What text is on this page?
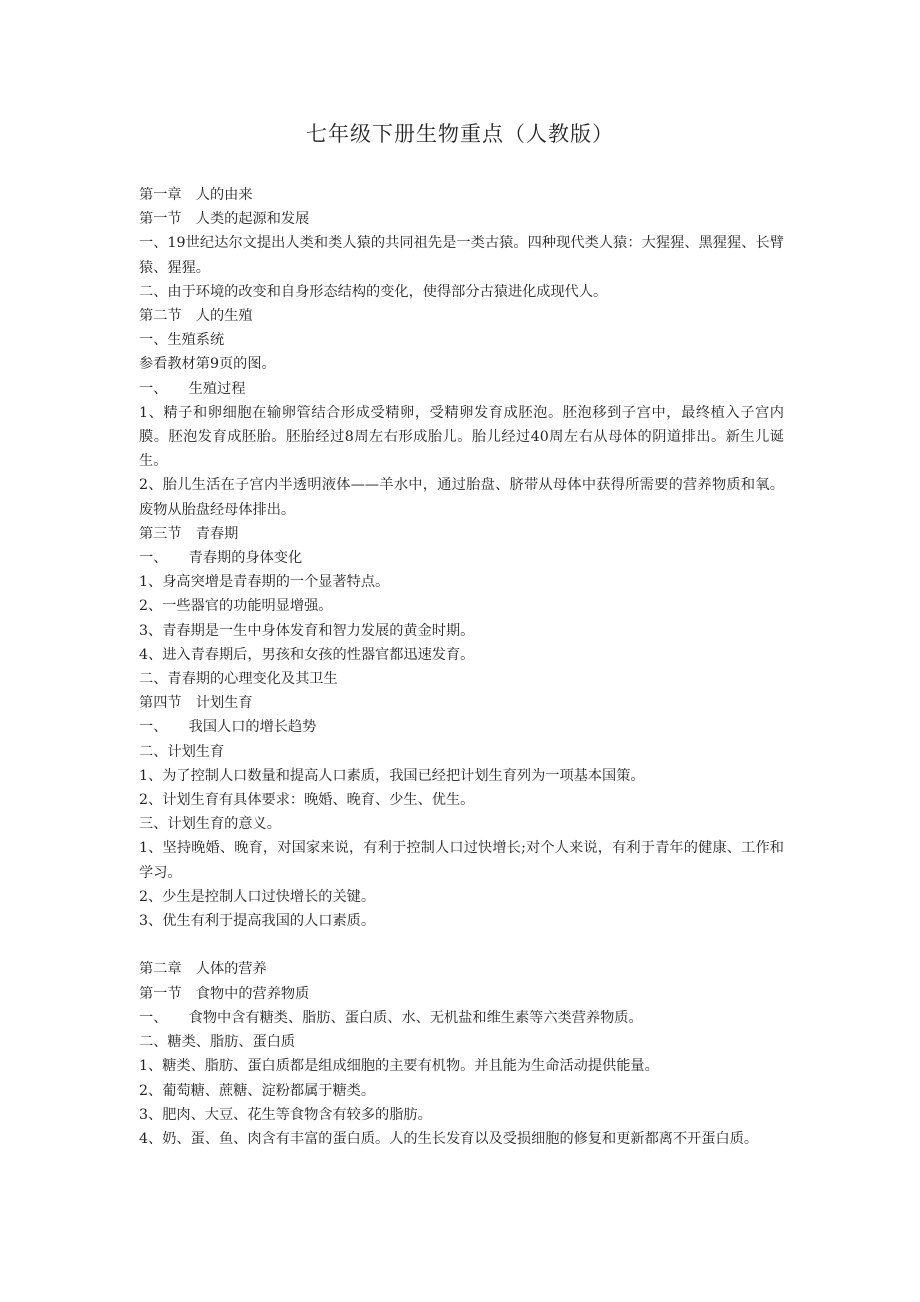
七年级下册生物重点（人教版）

第一章　人的由来

第一节　人类的起源和发展

一、19世纪达尔文提出人类和类人猿的共同祖先是一类古猿。四种现代类人猿：大猩猩、黑猩猩、长臂猿、猩猩。

二、由于环境的改变和自身形态结构的变化，使得部分古猿进化成现代人。

第二节　人的生殖

一、生殖系统

参看教材第9页的图。

一、　　生殖过程

1、精子和卵细胞在输卵管结合形成受精卵，受精卵发育成胚泡。胚泡移到子宫中，最终植入子宫内膜。胚泡发育成胚胎。胚胎经过8周左右形成胎儿。胎儿经过40周左右从母体的阴道排出。新生儿诞生。

2、胎儿生活在子宫内半透明液体——羊水中，通过胎盘、脐带从母体中获得所需要的营养物质和氧。废物从胎盘经母体排出。

第三节　青春期

一、　　青春期的身体变化

1、身高突增是青春期的一个显著特点。

2、一些器官的功能明显增强。

3、青春期是一生中身体发育和智力发展的黄金时期。

4、进入青春期后，男孩和女孩的性器官都迅速发育。

二、青春期的心理变化及其卫生

第四节　计划生育

一、　　我国人口的增长趋势

二、计划生育

1、为了控制人口数量和提高人口素质，我国已经把计划生育列为一项基本国策。

2、计划生育有具体要求：晚婚、晚育、少生、优生。

三、计划生育的意义。

1、坚持晚婚、晚育，对国家来说，有利于控制人口过快增长;对个人来说，有利于青年的健康、工作和学习。

2、少生是控制人口过快增长的关键。

3、优生有利于提高我国的人口素质。

第二章　人体的营养

第一节　食物中的营养物质

一、　　食物中含有糖类、脂肪、蛋白质、水、无机盐和维生素等六类营养物质。

二、糖类、脂肪、蛋白质

1、糖类、脂肪、蛋白质都是组成细胞的主要有机物。并且能为生命活动提供能量。

2、葡萄糖、蔗糖、淀粉都属于糖类。

3、肥肉、大豆、花生等食物含有较多的脂肪。

4、奶、蛋、鱼、肉含有丰富的蛋白质。人的生长发育以及受损细胞的修复和更新都离不开蛋白质。
